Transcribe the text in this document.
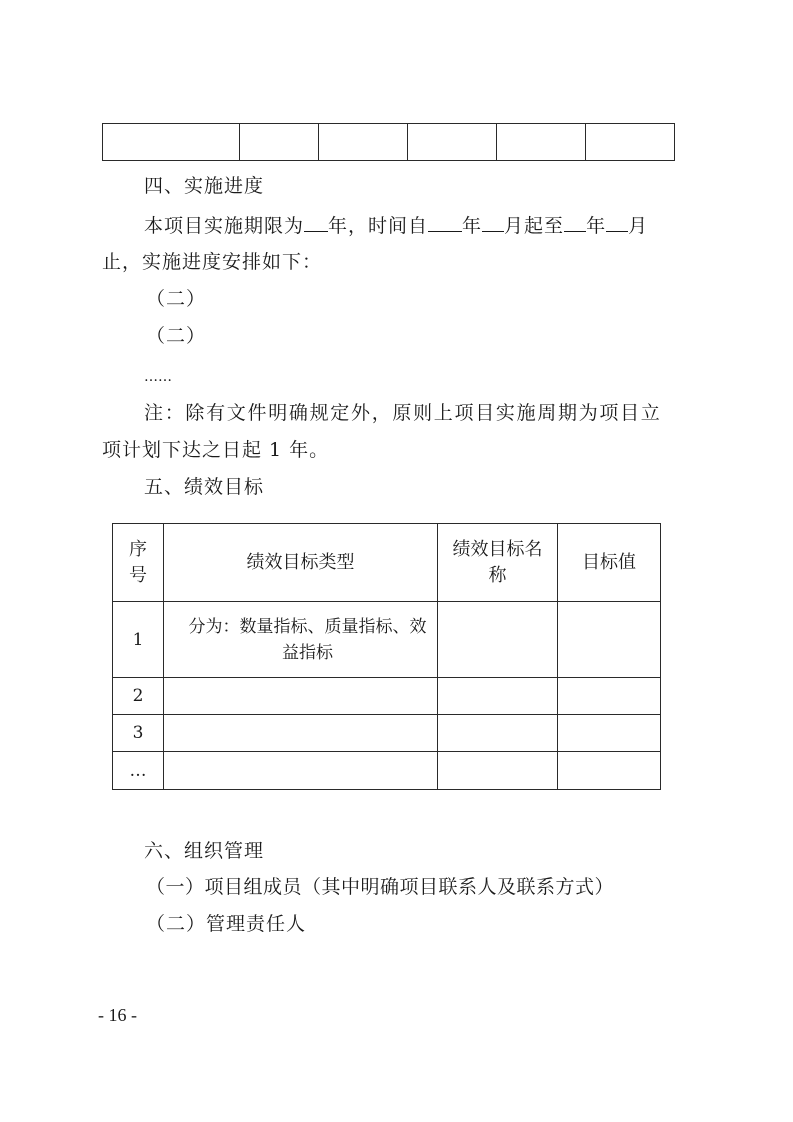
四、实施进度
本项目实施期限为 年，时间自 年 月起至 年 月
止，实施进度安排如下：
（二）
（二）
……
注：除有文件明确规定外，原则上项目实施周期为项目立
项计划下达之日起 1 年。
五、绩效目标
序号	绩效目标类型	绩效目标名称	目标值
1	分为：数量指标、质量指标、效益指标		
2			
3			
…			
六、组织管理
（一）项目组成员（其中明确项目联系人及联系方式）
（二）管理责任人
- 16 -
